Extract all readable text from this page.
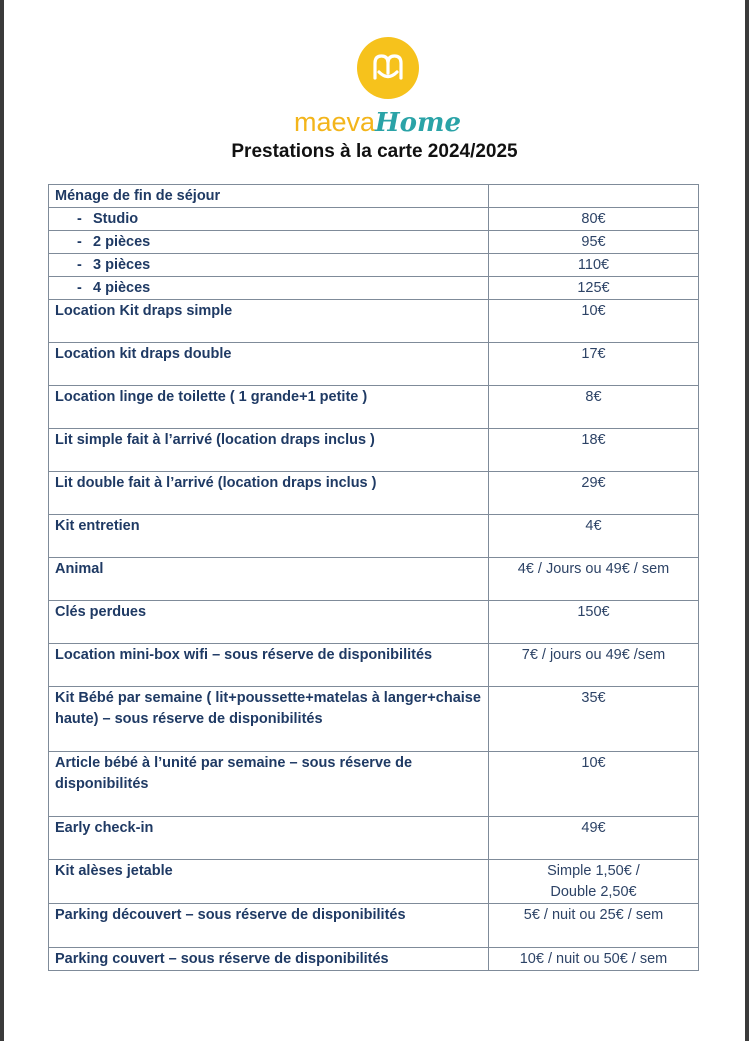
maevaHome
Prestations à la carte 2024/2025
Ménage de fin de séjour	
- Studio	80€
- 2 pièces	95€
- 3 pièces	110€
- 4 pièces	125€
Location Kit draps simple	10€
Location kit draps double	17€
Location linge de toilette ( 1 grande+1 petite )	8€
Lit simple fait à l’arrivé (location draps inclus )	18€
Lit double fait à l’arrivé (location draps inclus )	29€
Kit entretien	4€
Animal	4€ / Jours ou 49€ / sem
Clés perdues	150€
Location mini-box wifi – sous réserve de disponibilités	7€ / jours ou 49€ /sem
Kit Bébé par semaine ( lit+poussette+matelas à langer+chaise haute) – sous réserve de disponibilités	35€
Article bébé à l’unité par semaine – sous réserve de disponibilités	10€
Early check-in	49€
Kit alèses jetable	Simple 1,50€ / Double 2,50€
Parking découvert – sous réserve de disponibilités	5€ / nuit ou 25€ / sem
Parking couvert – sous réserve de disponibilités	10€ / nuit ou 50€ / sem
